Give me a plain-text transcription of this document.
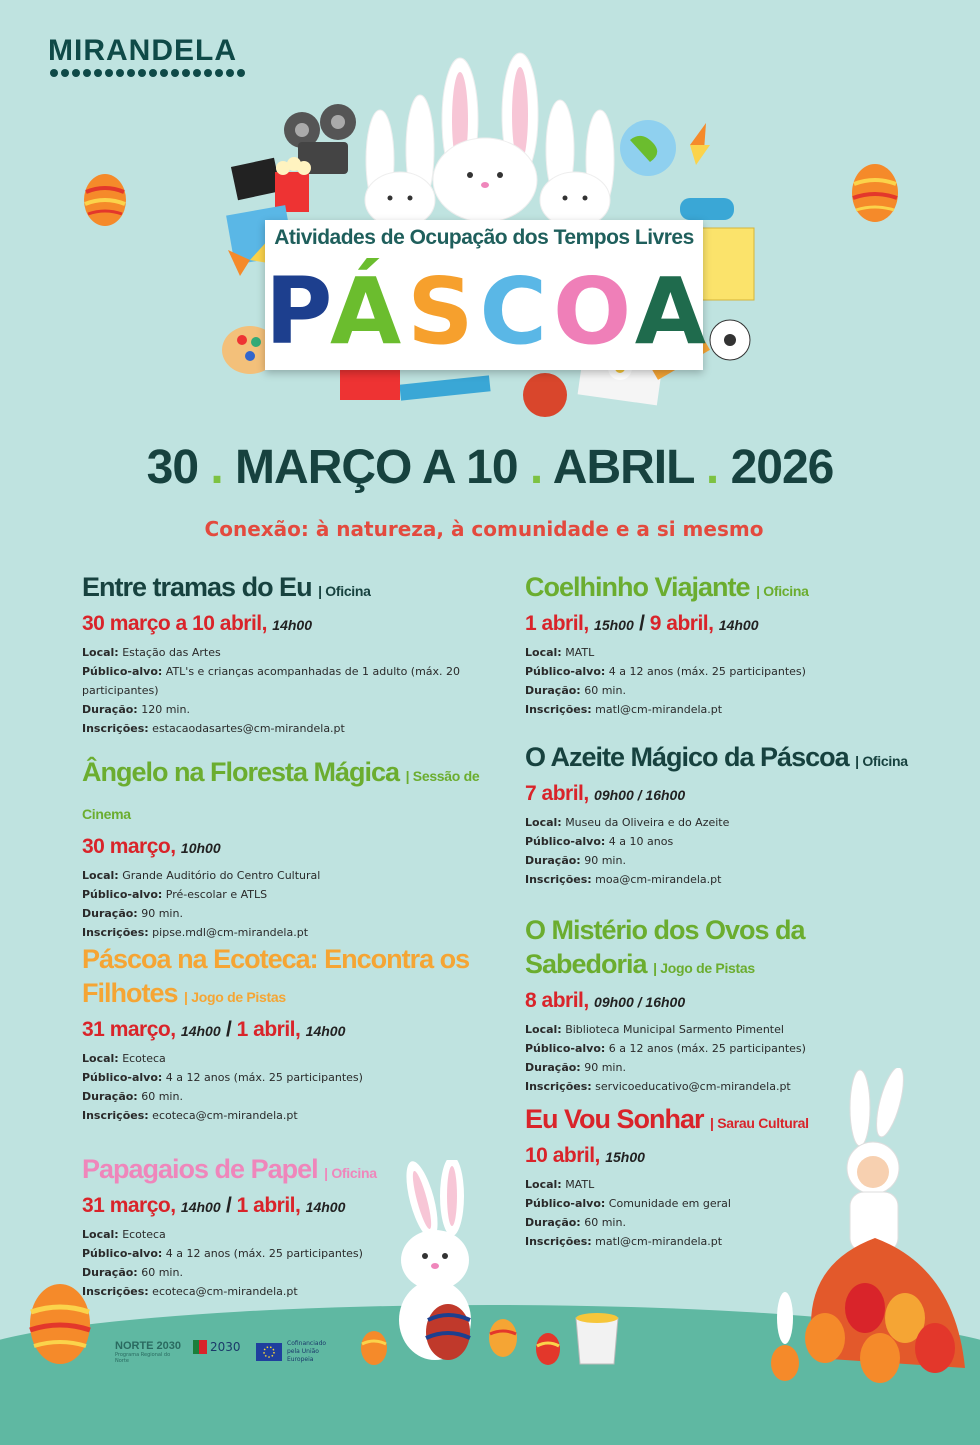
MIRANDELA
Atividades de Ocupação dos Tempos Livres
PÁSCOA
30 . MARÇO A 10 . ABRIL . 2026
Conexão: à natureza, à comunidade e a si mesmo
Entre tramas do Eu | Oficina
30 março a 10 abril, 14h00
Local: Estação das Artes
Público-alvo: ATL's e crianças acompanhadas de 1 adulto (máx. 20 participantes)
Duração: 120 min.
Inscrições: estacaodasartes@cm-mirandela.pt
Ângelo na Floresta Mágica | Sessão de Cinema
30 março, 10h00
Local: Grande Auditório do Centro Cultural
Público-alvo: Pré-escolar e ATLS
Duração: 90 min.
Inscrições: pipse.mdl@cm-mirandela.pt
Páscoa na Ecoteca: Encontra os Filhotes | Jogo de Pistas
31 março, 14h00 / 1 abril, 14h00
Local: Ecoteca
Público-alvo: 4 a 12 anos (máx. 25 participantes)
Duração: 60 min.
Inscrições: ecoteca@cm-mirandela.pt
Papagaios de Papel | Oficina
31 março, 14h00 / 1 abril, 14h00
Local: Ecoteca
Público-alvo: 4 a 12 anos (máx. 25 participantes)
Duração: 60 min.
Inscrições: ecoteca@cm-mirandela.pt
Coelhinho Viajante | Oficina
1 abril, 15h00 / 9 abril, 14h00
Local: MATL
Público-alvo: 4 a 12 anos (máx. 25 participantes)
Duração: 60 min.
Inscrições: matl@cm-mirandela.pt
O Azeite Mágico da Páscoa | Oficina
7 abril, 09h00 / 16h00
Local: Museu da Oliveira e do Azeite
Público-alvo: 4 a 10 anos
Duração: 90 min.
Inscrições: moa@cm-mirandela.pt
O Mistério dos Ovos da Sabedoria | Jogo de Pistas
8 abril, 09h00 / 16h00
Local: Biblioteca Municipal Sarmento Pimentel
Público-alvo: 6 a 12 anos (máx. 25 participantes)
Duração: 90 min.
Inscrições: servicoeducativo@cm-mirandela.pt
Eu Vou Sonhar | Sarau Cultural
10 abril, 15h00
Local: MATL
Público-alvo: Comunidade em geral
Duração: 60 min.
Inscrições: matl@cm-mirandela.pt
NORTE 2030
Programa Regional do Norte
2030	Cofinanciado pela União Europeia
